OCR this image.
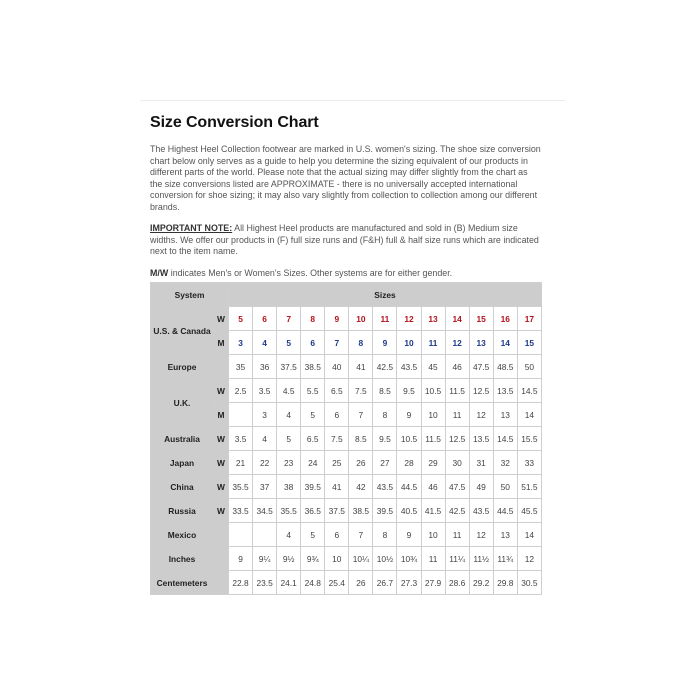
Size Conversion Chart

The Highest Heel Collection footwear are marked in U.S. women's sizing. The shoe size conversion chart below only serves as a guide to help you determine the sizing equivalent of our products in different parts of the world. Please note that the actual sizing may differ slightly from the chart as the size conversions listed are APPROXIMATE - there is no universally accepted international conversion for shoe sizing; it may also vary slightly from collection to collection among our different brands.

IMPORTANT NOTE: All Highest Heel products are manufactured and sold in (B) Medium size widths. We offer our products in (F) full size runs and (F&H) full & half size runs which are indicated next to the item name.

M/W indicates Men's or Women's Sizes. Other systems are for either gender.

System		Sizes												
U.S. & Canada	W	5	6	7	8	9	10	11	12	13	14	15	16	17
	M	3	4	5	6	7	8	9	10	11	12	13	14	15
Europe		35	36	37.5	38.5	40	41	42.5	43.5	45	46	47.5	48.5	50
U.K.	W	2.5	3.5	4.5	5.5	6.5	7.5	8.5	9.5	10.5	11.5	12.5	13.5	14.5
	M		3	4	5	6	7	8	9	10	11	12	13	14
Australia	W	3.5	4	5	6.5	7.5	8.5	9.5	10.5	11.5	12.5	13.5	14.5	15.5
Japan	W	21	22	23	24	25	26	27	28	29	30	31	32	33
China	W	35.5	37	38	39.5	41	42	43.5	44.5	46	47.5	49	50	51.5
Russia	W	33.5	34.5	35.5	36.5	37.5	38.5	39.5	40.5	41.5	42.5	43.5	44.5	45.5
Mexico				4	5	6	7	8	9	10	11	12	13	14
Inches		9	9¼	9½	9¾	10	10¼	10½	10¾	11	11¼	11½	11¾	12
Centemeters		22.8	23.5	24.1	24.8	25.4	26	26.7	27.3	27.9	28.6	29.2	29.8	30.5
